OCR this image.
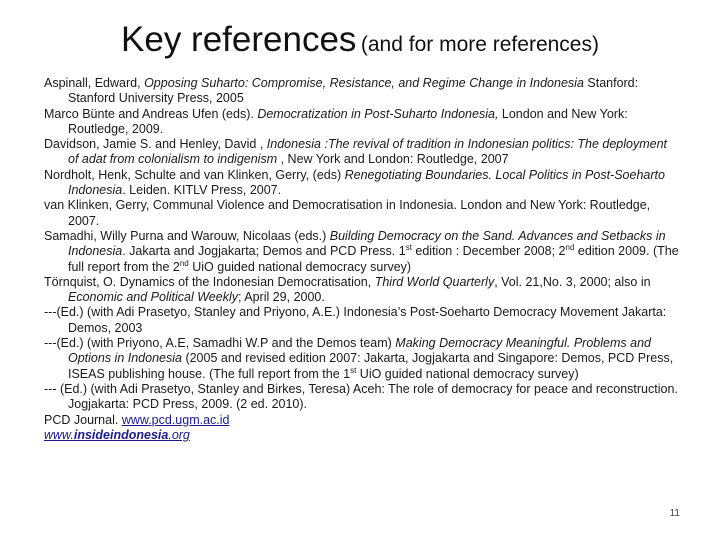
Key references (and for more references)
Aspinall, Edward, Opposing Suharto: Compromise, Resistance, and Regime Change in Indonesia Stanford: Stanford University Press, 2005
Marco Bünte and Andreas Ufen (eds). Democratization in Post-Suharto Indonesia, London and New York: Routledge, 2009.
Davidson, Jamie S. and Henley, David , Indonesia :The revival of tradition in Indonesian politics: The deployment of adat from colonialism to indigenism , New York and London: Routledge, 2007
Nordholt, Henk, Schulte and van Klinken, Gerry, (eds) Renegotiating Boundaries. Local Politics in Post-Soeharto Indonesia. Leiden. KITLV Press, 2007.
van Klinken, Gerry, Communal Violence and Democratisation in Indonesia. London and New York: Routledge, 2007.
Samadhi, Willy Purna and Warouw, Nicolaas (eds.) Building Democracy on the Sand. Advances and Setbacks in Indonesia. Jakarta and Jogjakarta; Demos and PCD Press. 1st edition : December 2008; 2nd edition 2009. (The full report from the 2nd UiO guided national democracy survey)
Törnquist, O. Dynamics of the Indonesian Democratisation, Third World Quarterly, Vol. 21,No. 3, 2000; also in Economic and Political Weekly; April 29, 2000.
---(Ed.) (with Adi Prasetyo, Stanley and Priyono, A.E.) Indonesia’s Post-Soeharto Democracy Movement Jakarta: Demos, 2003
---(Ed.) (with Priyono, A.E, Samadhi W.P and the Demos team) Making Democracy Meaningful. Problems and Options in Indonesia (2005 and revised edition 2007: Jakarta, Jogjakarta and Singapore: Demos, PCD Press, ISEAS publishing house. (The full report from the 1st UiO guided national democracy survey)
--- (Ed.) (with Adi Prasetyo, Stanley and Birkes, Teresa) Aceh: The role of democracy for peace and reconstruction. Jogjakarta: PCD Press, 2009. (2 ed. 2010).
PCD Journal. www.pcd.ugm.ac.id
www.insideindonesia.org
11
